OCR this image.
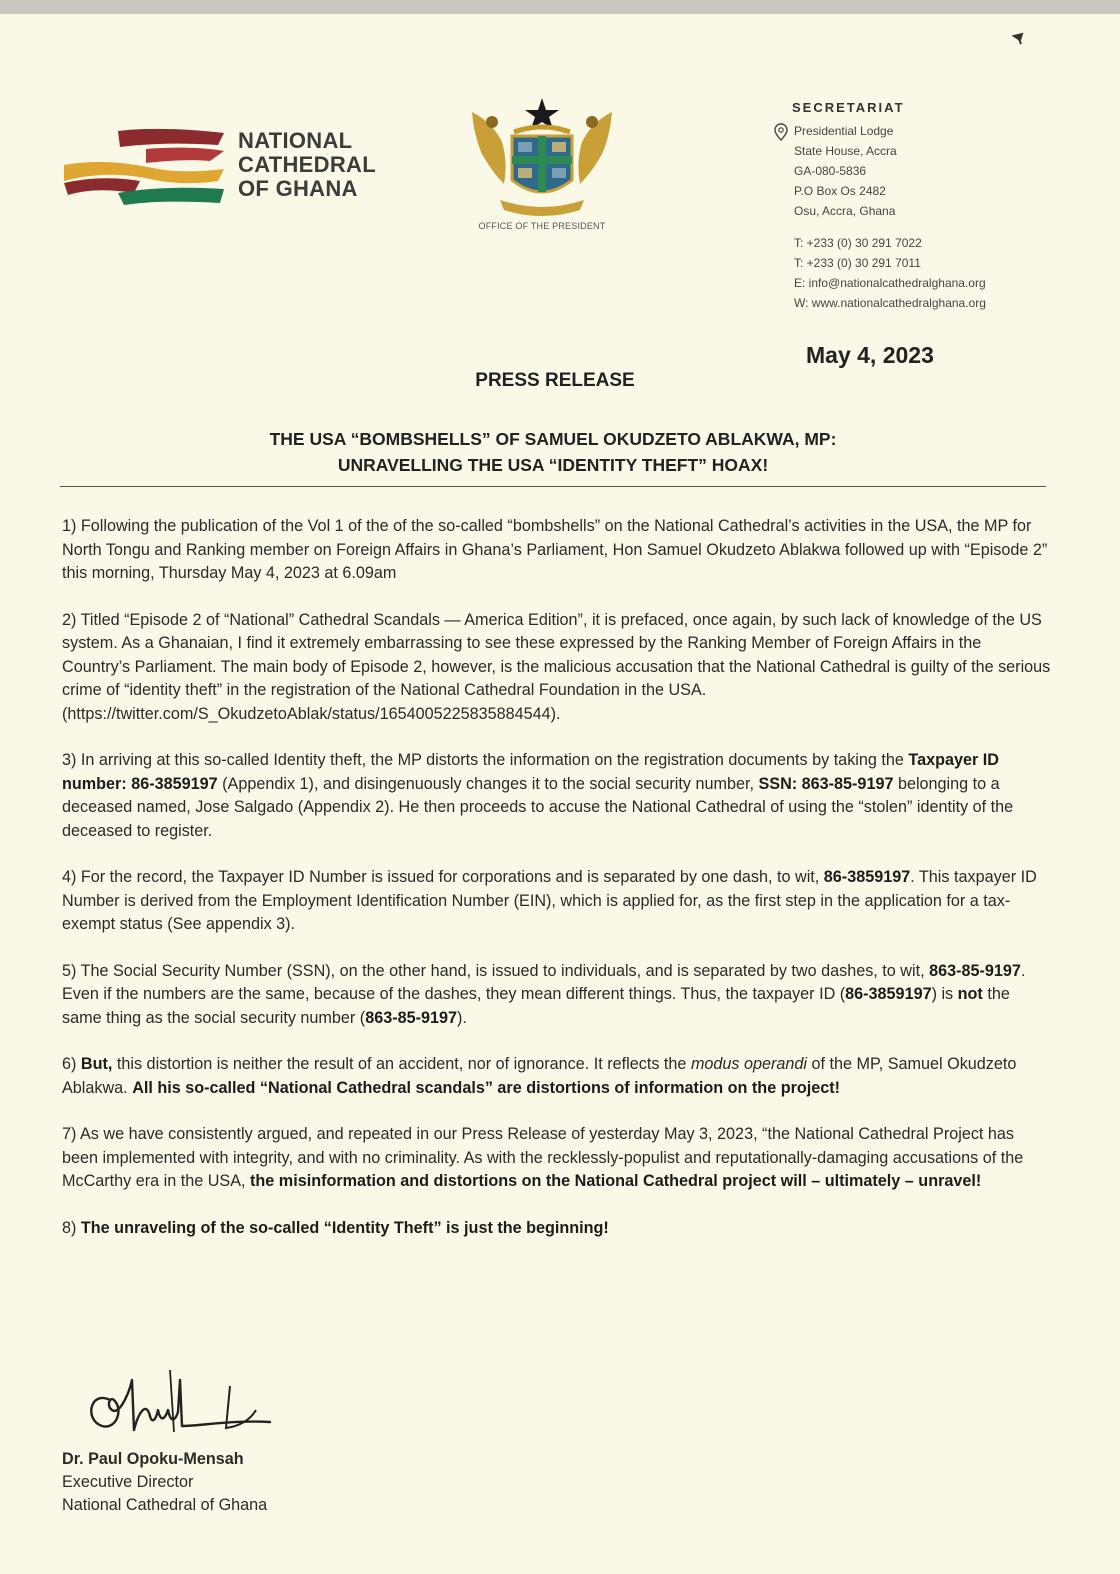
NATIONAL
CATHEDRAL
OF GHANA
OFFICE OF THE PRESIDENT
SECRETARIAT
Presidential Lodge
State House, Accra
GA-080-5836
P.O Box Os 2482
Osu, Accra, Ghana
T: +233 (0) 30 291 7022
T: +233 (0) 30 291 7011
E: info@nationalcathedralghana.org
W: www.nationalcathedralghana.org
May 4, 2023
PRESS RELEASE
THE USA “BOMBSHELLS” OF SAMUEL OKUDZETO ABLAKWA, MP:
UNRAVELLING THE USA “IDENTITY THEFT” HOAX!

1) Following the publication of the Vol 1 of the of the so-called “bombshells” on the National Cathedral’s activities in the USA, the MP for North Tongu and Ranking member on Foreign Affairs in Ghana’s Parliament, Hon Samuel Okudzeto Ablakwa followed up with “Episode 2” this morning, Thursday May 4, 2023 at 6.09am

2) Titled “Episode 2 of “National” Cathedral Scandals — America Edition”, it is prefaced, once again, by such lack of knowledge of the US system. As a Ghanaian, I find it extremely embarrassing to see these expressed by the Ranking Member of Foreign Affairs in the Country’s Parliament. The main body of Episode 2, however, is the malicious accusation that the National Cathedral is guilty of the serious crime of “identity theft” in the registration of the National Cathedral Foundation in the USA. (https://twitter.com/S_OkudzetoAblak/status/1654005225835884544).

3) In arriving at this so-called Identity theft, the MP distorts the information on the registration documents by taking the Taxpayer ID number: 86-3859197 (Appendix 1), and disingenuously changes it to the social security number, SSN: 863-85-9197 belonging to a deceased named, Jose Salgado (Appendix 2). He then proceeds to accuse the National Cathedral of using the “stolen” identity of the deceased to register.

4) For the record, the Taxpayer ID Number is issued for corporations and is separated by one dash, to wit, 86-3859197. This taxpayer ID Number is derived from the Employment Identification Number (EIN), which is applied for, as the first step in the application for a tax-exempt status (See appendix 3).

5) The Social Security Number (SSN), on the other hand, is issued to individuals, and is separated by two dashes, to wit, 863-85-9197. Even if the numbers are the same, because of the dashes, they mean different things. Thus, the taxpayer ID (86-3859197) is not the same thing as the social security number (863-85-9197).

6) But, this distortion is neither the result of an accident, nor of ignorance. It reflects the modus operandi of the MP, Samuel Okudzeto Ablakwa. All his so-called “National Cathedral scandals” are distortions of information on the project!

7) As we have consistently argued, and repeated in our Press Release of yesterday May 3, 2023, “the National Cathedral Project has been implemented with integrity, and with no criminality. As with the recklessly-populist and reputationally-damaging accusations of the McCarthy era in the USA, the misinformation and distortions on the National Cathedral project will – ultimately – unravel!

8) The unraveling of the so-called “Identity Theft” is just the beginning!

Dr. Paul Opoku-Mensah
Executive Director
National Cathedral of Ghana
